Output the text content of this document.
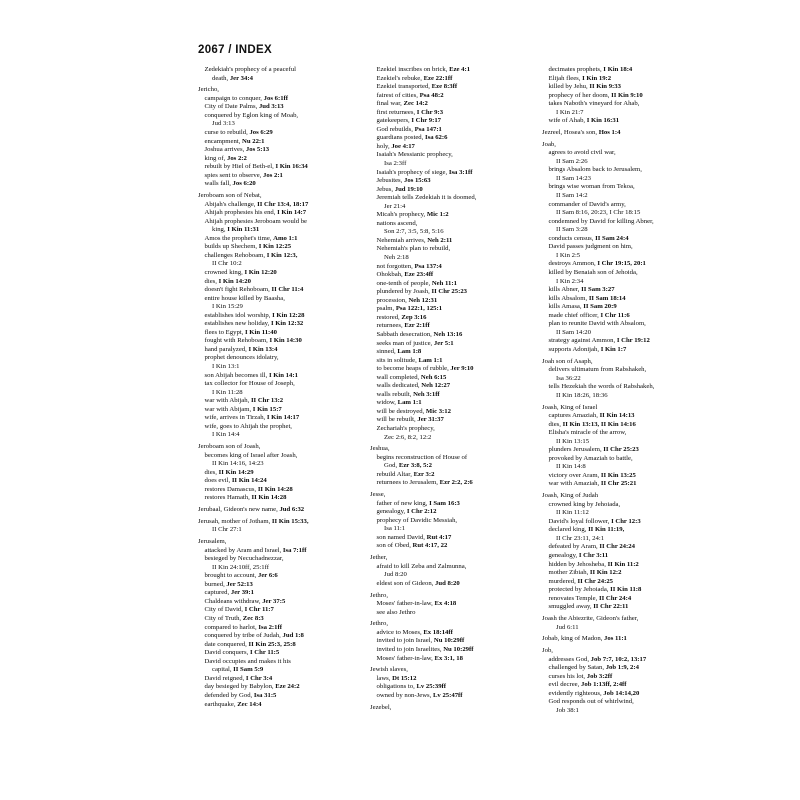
2067 / INDEX
Zedekiah's prophecy of a peaceful
death, Jer 34:4
Jericho,
campaign to conquer, Jos 6:1ff
City of Date Palms, Jud 3:13
conquered by Eglon king of Moab,
Jud 3:13
curse to rebuild, Jos 6:29
encampment, Nu 22:1
Joshua arrives, Jos 5:13
king of, Jos 2:2
rebuilt by Hiel of Beth-el, I Kin 16:34
spies sent to observe, Jos 2:1
walls fall, Jos 6:20
Jeroboam son of Nebat,
Abijah's challenge, II Chr 13:4, 18:17
Ahijah prophesies his end, I Kin 14:7
Ahijah prophesies Jeroboam would be
king, I Kin 11:31
Amos the prophet's time, Amo 1:1
builds up Shechem, I Kin 12:25
challenges Rehoboam, I Kin 12:3,
II Chr 10:2
crowned king, I Kin 12:20
dies, I Kin 14:20
doesn't fight Rehoboam, II Chr 11:4
entire house killed by Baasha,
I Kin 15:29
establishes idol worship, I Kin 12:28
establishes new holiday, I Kin 12:32
flees to Egypt, I Kin 11:40
fought with Rehoboam, I Kin 14:30
hand paralyzed, I Kin 13:4
prophet denounces idolatry,
I Kin 13:1
son Abijah becomes ill, I Kin 14:1
tax collector for House of Joseph,
I Kin 11:28
war with Abijah, II Chr 13:2
war with Abijam, I Kin 15:7
wife, arrives in Tirzah, I Kin 14:17
wife, goes to Ahijah the prophet,
I Kin 14:4
Jeroboam son of Joash,
becomes king of Israel after Joash,
II Kin 14:16, 14:23
dies, II Kin 14:29
does evil, II Kin 14:24
restores Damascus, II Kin 14:28
restores Hamath, II Kin 14:28
Jerubaal, Gideon's new name, Jud 6:32
Jerusah, mother of Jotham, II Kin 15:33,
II Chr 27:1
Jerusalem,
attacked by Aram and Israel, Isa 7:1ff
besieged by Necuchadnezzar,
II Kin 24:10ff, 25:1ff
brought to account, Jer 6:6
burned, Jer 52:13
captured, Jer 39:1
Chaldeans withdraw, Jer 37:5
City of David, I Chr 11:7
City of Truth, Zec 8:3
compared to harlot, Isa 2:1ff
conquered by tribe of Judah, Jud 1:8
date conquered, II Kin 25:3, 25:8
David conquers, I Chr 11:5
David occupies and makes it his
capital, II Sam 5:9
David reigned, I Chr 3:4
day besieged by Babylon, Eze 24:2
defended by God, Isa 31:5
earthquake, Zec 14:4
Ezekiel inscribes on brick, Eze 4:1
Ezekiel's rebuke, Eze 22:1ff
Ezekiel transported, Eze 8:3ff
fairest of cities, Psa 48:2
final war, Zec 14:2
first returnees, I Chr 9:3
gatekeepers, I Chr 9:17
God rebuilds, Psa 147:1
guardians posted, Isa 62:6
holy, Joe 4:17
Isaiah's Messianic prophecy,
Isa 2:3ff
Isaiah's prophecy of siege, Isa 3:1ff
Jebusites, Jos 15:63
Jebus, Jud 19:10
Jeremiah tells Zedekiah it is doomed,
Jer 21:4
Micah's prophecy, Mic 1:2
nations ascend,
Son 2:7, 3:5, 5:8, 5:16
Nehemiah arrives, Neh 2:11
Nehemiah's plan to rebuild,
Neh 2:18
not forgotten, Psa 137:4
Ohokbah, Eze 23:4ff
one-tenth of people, Neh 11:1
plundered by Joash, II Chr 25:23
procession, Neh 12:31
psalm, Psa 122:1, 125:1
restored, Zep 3:16
returnees, Ezr 2:1ff
Sabbath desecration, Neh 13:16
seeks man of justice, Jer 5:1
sinned, Lam 1:8
sits in solitude, Lam 1:1
to become heaps of rubble, Jer 9:10
wall completed, Neh 6:15
walls dedicated, Neh 12:27
walls rebuilt, Neh 3:1ff
widow, Lam 1:1
will be destroyed, Mic 3:12
will be rebuilt, Jer 31:37
Zechariah's prophecy,
Zec 2:6, 8:2, 12:2
Jeshua,
begins reconstruction of House of
God, Ezr 3:8, 5:2
rebuild Altar, Ezr 3:2
returnees to Jerusalem, Ezr 2:2, 2:6
Jesse,
father of new king, I Sam 16:3
genealogy, I Chr 2:12
prophecy of Davidic Messiah,
Isa 11:1
son named David, Rut 4:17
son of Obed, Rut 4:17, 22
Jether,
afraid to kill Zeba and Zalmunna,
Jud 8:20
eldest son of Gideon, Jud 8:20
Jethro,
Moses' father-in-law, Ex 4:18
see also Jethro
Jethro,
advice to Moses, Ex 18:14ff
invited to join Israel, Nu 10:29ff
invited to join Israelites, Nu 10:29ff
Moses' father-in-law, Ex 3:1, 18
Jewish slaves,
laws, Dt 15:12
obligations to, Lv 25:39ff
owned by non-Jews, Lv 25:47ff
Jezebel,
decimates prophets, I Kin 18:4
Elijah flees, I Kin 19:2
killed by Jehu, II Kin 9:33
prophecy of her doom, II Kin 9:10
takes Naboth's vineyard for Ahab,
I Kin 21:7
wife of Ahab, I Kin 16:31
Jezreel, Hosea's son, Hos 1:4
Joab,
agrees to avoid civil war,
II Sam 2:26
brings Absalom back to Jerusalem,
II Sam 14:23
brings wise woman from Tekoa,
II Sam 14:2
commander of David's army,
II Sam 8:16, 20:23, I Chr 18:15
condemned by David for killing Abner,
II Sam 3:28
conducts census, II Sam 24:4
David passes judgment on him,
I Kin 2:5
destroys Ammon, I Chr 19:15, 20:1
killed by Benaiah son of Jehoida,
I Kin 2:34
kills Abner, II Sam 3:27
kills Absalom, II Sam 18:14
kills Amasa, II Sam 20:9
made chief officer, I Chr 11:6
plan to reunite David with Absalom,
II Sam 14:20
strategy against Ammon, I Chr 19:12
supports Adonijah, I Kin 1:7
Joah son of Asaph,
delivers ultimatum from Rabshakeh,
Isa 36:22
tells Hezekiah the words of Rabshakeh,
II Kin 18:26, 18:36
Joash, King of Israel
captures Amaziah, II Kin 14:13
dies, II Kin 13:13, II Kin 14:16
Elisha's miracle of the arrow,
II Kin 13:15
plunders Jerusalem, II Chr 25:23
provoked by Amaziah to battle,
II Kin 14:8
victory over Aram, II Kin 13:25
war with Amaziah, II Chr 25:21
Joash, King of Judah
crowned king by Jehoiada,
II Kin 11:12
David's loyal follower, I Chr 12:3
declared king, II Kin 11:19,
II Chr 23:11, 24:1
defeated by Aram, II Chr 24:24
genealogy, I Chr 3:11
hidden by Jehosheba, II Kin 11:2
mother Zibiah, II Kin 12:2
murdered, II Chr 24:25
protected by Jehoiada, II Kin 11:8
renovates Temple, II Chr 24:4
smuggled away, II Chr 22:11
Joash the Abiezrite, Gideon's father,
Jud 6:11
Jobab, king of Madon, Jos 11:1
Job,
addresses God, Job 7:7, 10:2, 13:17
challenged by Satan, Job 1:9, 2:4
curses his lot, Job 3:2ff
evil decree, Job 1:13ff, 2:4ff
evidently righteous, Job 14:14,20
God responds out of whirlwind,
Job 38:1
